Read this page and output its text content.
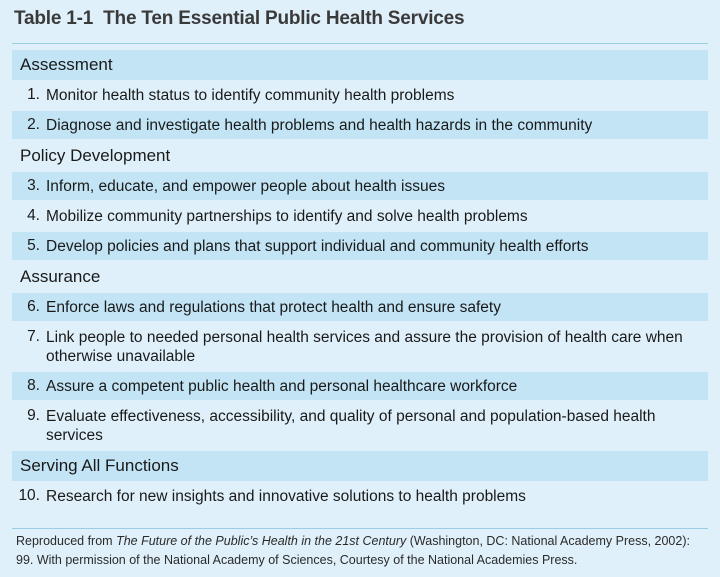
Table 1-1 The Ten Essential Public Health Services
Assessment
1. Monitor health status to identify community health problems
2. Diagnose and investigate health problems and health hazards in the community
Policy Development
3. Inform, educate, and empower people about health issues
4. Mobilize community partnerships to identify and solve health problems
5. Develop policies and plans that support individual and community health efforts
Assurance
6. Enforce laws and regulations that protect health and ensure safety
7. Link people to needed personal health services and assure the provision of health care when otherwise unavailable
8. Assure a competent public health and personal healthcare workforce
9. Evaluate effectiveness, accessibility, and quality of personal and population-based health services
Serving All Functions
10. Research for new insights and innovative solutions to health problems
Reproduced from The Future of the Public’s Health in the 21st Century (Washington, DC: National Academy Press, 2002): 99. With permission of the National Academy of Sciences, Courtesy of the National Academies Press.
